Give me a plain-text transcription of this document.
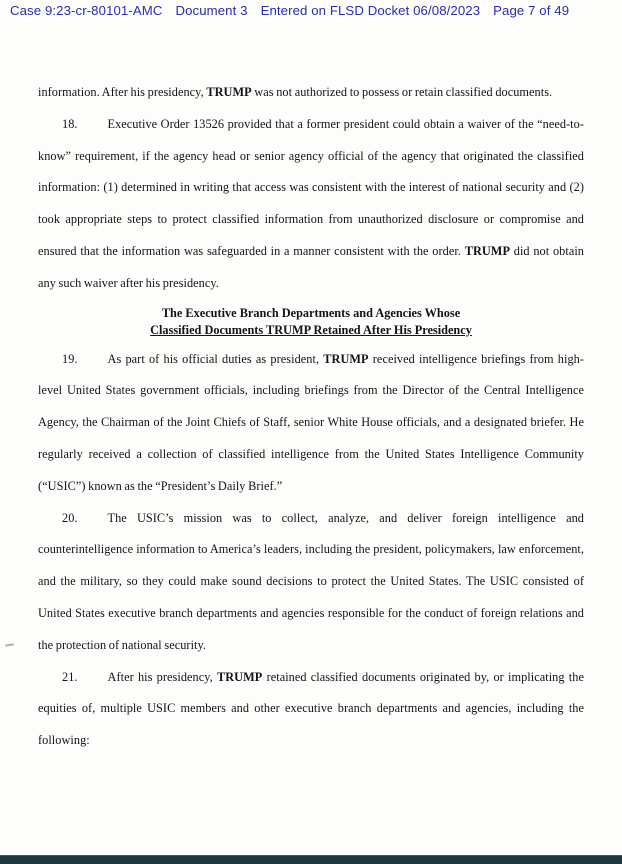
Case 9:23-cr-80101-AMC Document 3 Entered on FLSD Docket 06/08/2023 Page 7 of 49

information. After his presidency, TRUMP was not authorized to possess or retain classified documents.

18. Executive Order 13526 provided that a former president could obtain a waiver of the “need-to-know” requirement, if the agency head or senior agency official of the agency that originated the classified information: (1) determined in writing that access was consistent with the interest of national security and (2) took appropriate steps to protect classified information from unauthorized disclosure or compromise and ensured that the information was safeguarded in a manner consistent with the order. TRUMP did not obtain any such waiver after his presidency.

The Executive Branch Departments and Agencies Whose
Classified Documents TRUMP Retained After His Presidency

19. As part of his official duties as president, TRUMP received intelligence briefings from high-level United States government officials, including briefings from the Director of the Central Intelligence Agency, the Chairman of the Joint Chiefs of Staff, senior White House officials, and a designated briefer. He regularly received a collection of classified intelligence from the United States Intelligence Community (“USIC”) known as the “President’s Daily Brief.”

20. The USIC’s mission was to collect, analyze, and deliver foreign intelligence and counterintelligence information to America’s leaders, including the president, policymakers, law enforcement, and the military, so they could make sound decisions to protect the United States. The USIC consisted of United States executive branch departments and agencies responsible for the conduct of foreign relations and the protection of national security.

21. After his presidency, TRUMP retained classified documents originated by, or implicating the equities of, multiple USIC members and other executive branch departments and agencies, including the following:
